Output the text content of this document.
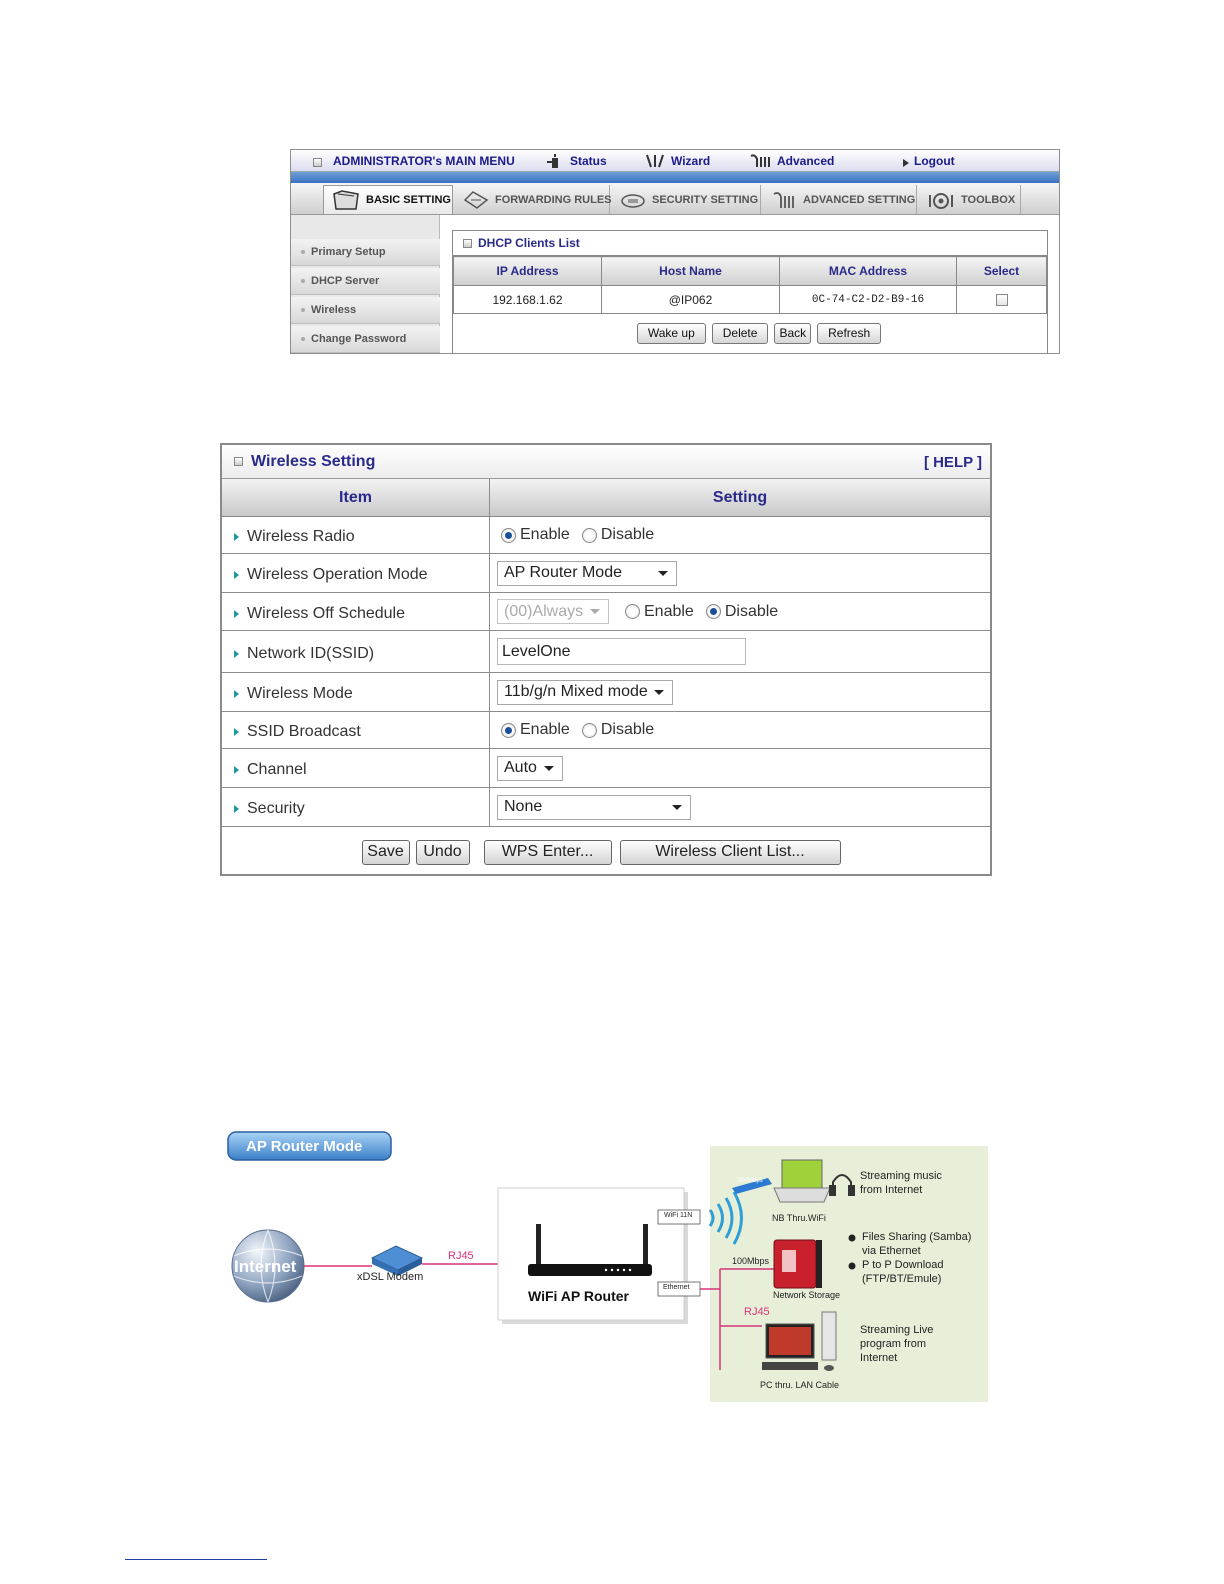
ADMINISTRATOR's MAIN MENU	Status	Wizard	Advanced	Logout
BASIC SETTING	FORWARDING RULES	SECURITY SETTING	ADVANCED SETTING	TOOLBOX
Primary Setup
DHCP Server
Wireless
Change Password
DHCP Clients List
IP Address	Host Name	MAC Address	Select
192.168.1.62	@IP062	0C-74-C2-D2-B9-16	
Wake up	Delete	Back	Refresh
Wireless Setting	[ HELP ]
Item	Setting
Wireless Radio	Enable Disable
Wireless Operation Mode	AP Router Mode
Wireless Off Schedule	(00)Always	Enable Disable
Network ID(SSID)	LevelOne
Wireless Mode	11b/g/n Mixed mode
SSID Broadcast	Enable Disable
Channel	Auto
Security	None
Save	Undo	WPS Enter...	Wireless Client List...
AP Router Mode
Internet
xDSL Modem
RJ45
WiFi AP Router
WiFi 11N
Ethernet
300Mbps
100Mbps
RJ45
NB Thru.WiFi
Network Storage
PC thru. LAN Cable
Streaming music
from Internet
Files Sharing (Samba)
via Ethernet
P to P Download
(FTP/BT/Emule)
Streaming Live
program from
Internet
